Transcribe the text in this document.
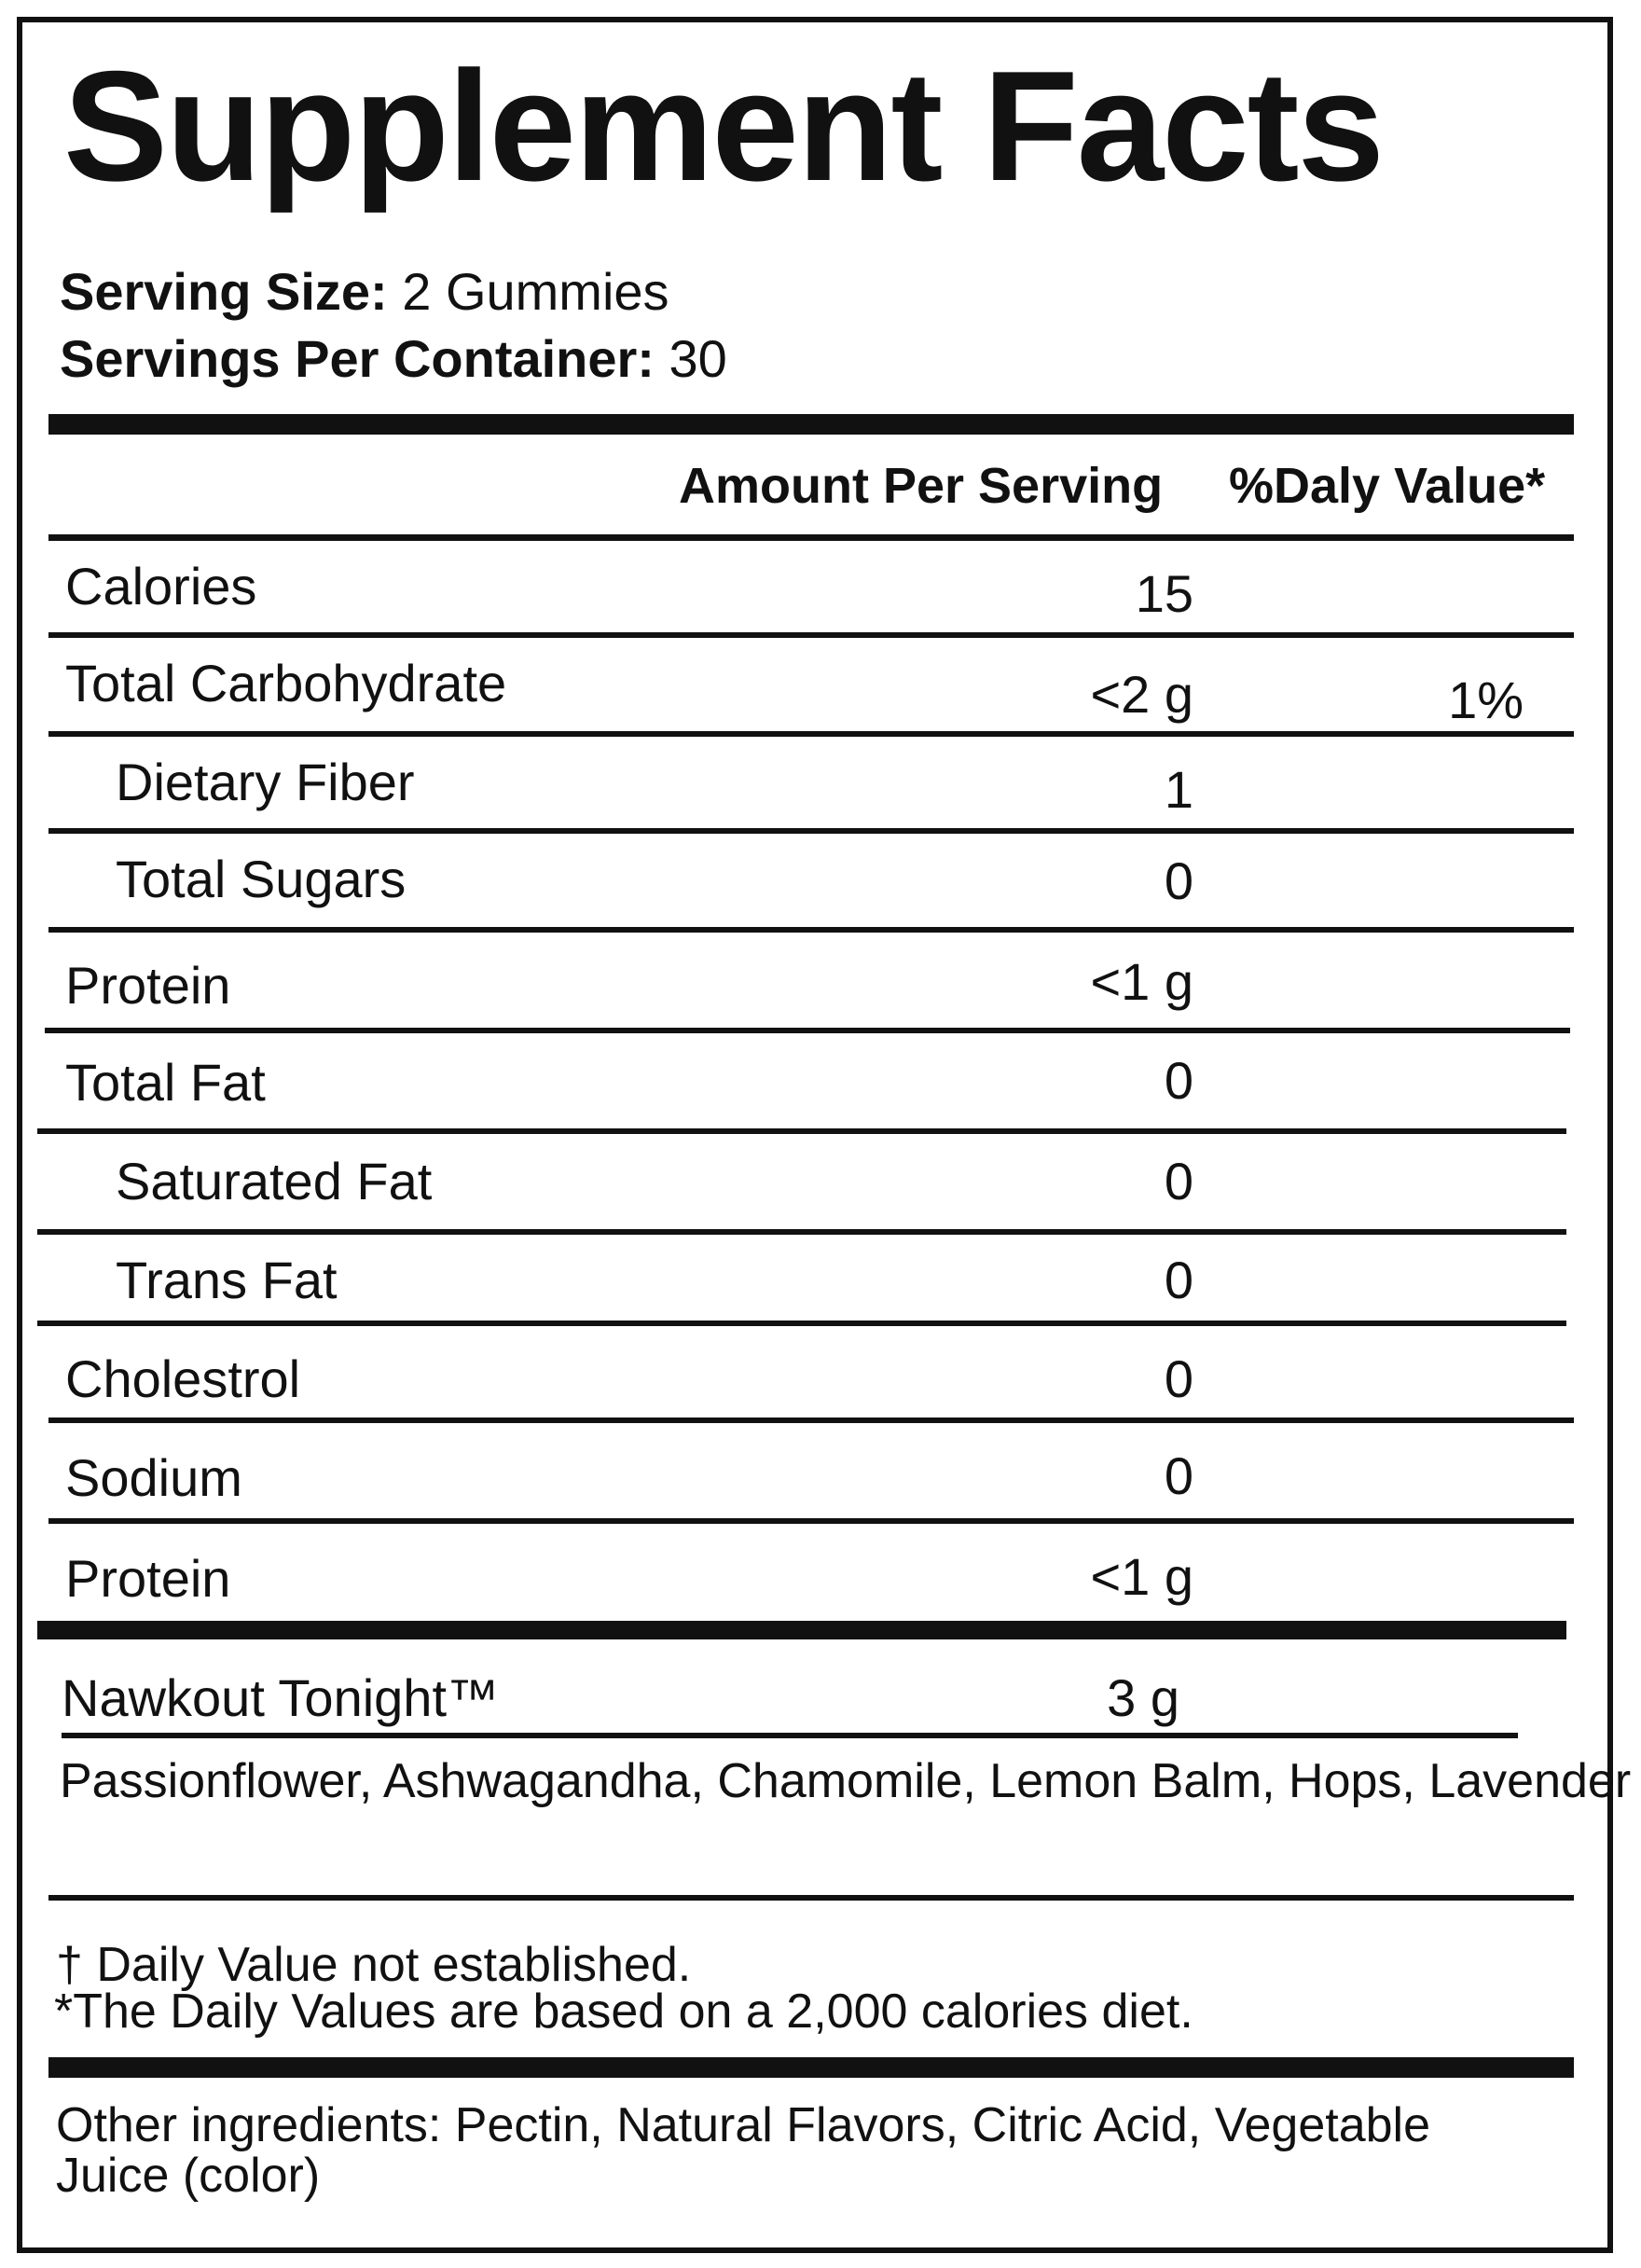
Supplement Facts
Serving Size: 2 Gummies
Servings Per Container: 30
Amount Per Serving %Daly Value*
Calories	15
Total Carbohydrate	<2 g	1%
Dietary Fiber	1
Total Sugars	0
Protein	<1 g
Total Fat	0
Saturated Fat	0
Trans Fat	0
Cholestrol	0
Sodium	0
Protein	<1 g
Nawkout Tonight™	3 g
Passionflower, Ashwagandha, Chamomile, Lemon Balm, Hops, Lavender
† Daily Value not established.
*The Daily Values are based on a 2,000 calories diet.
Other ingredients: Pectin, Natural Flavors, Citric Acid, Vegetable
Juice (color)
